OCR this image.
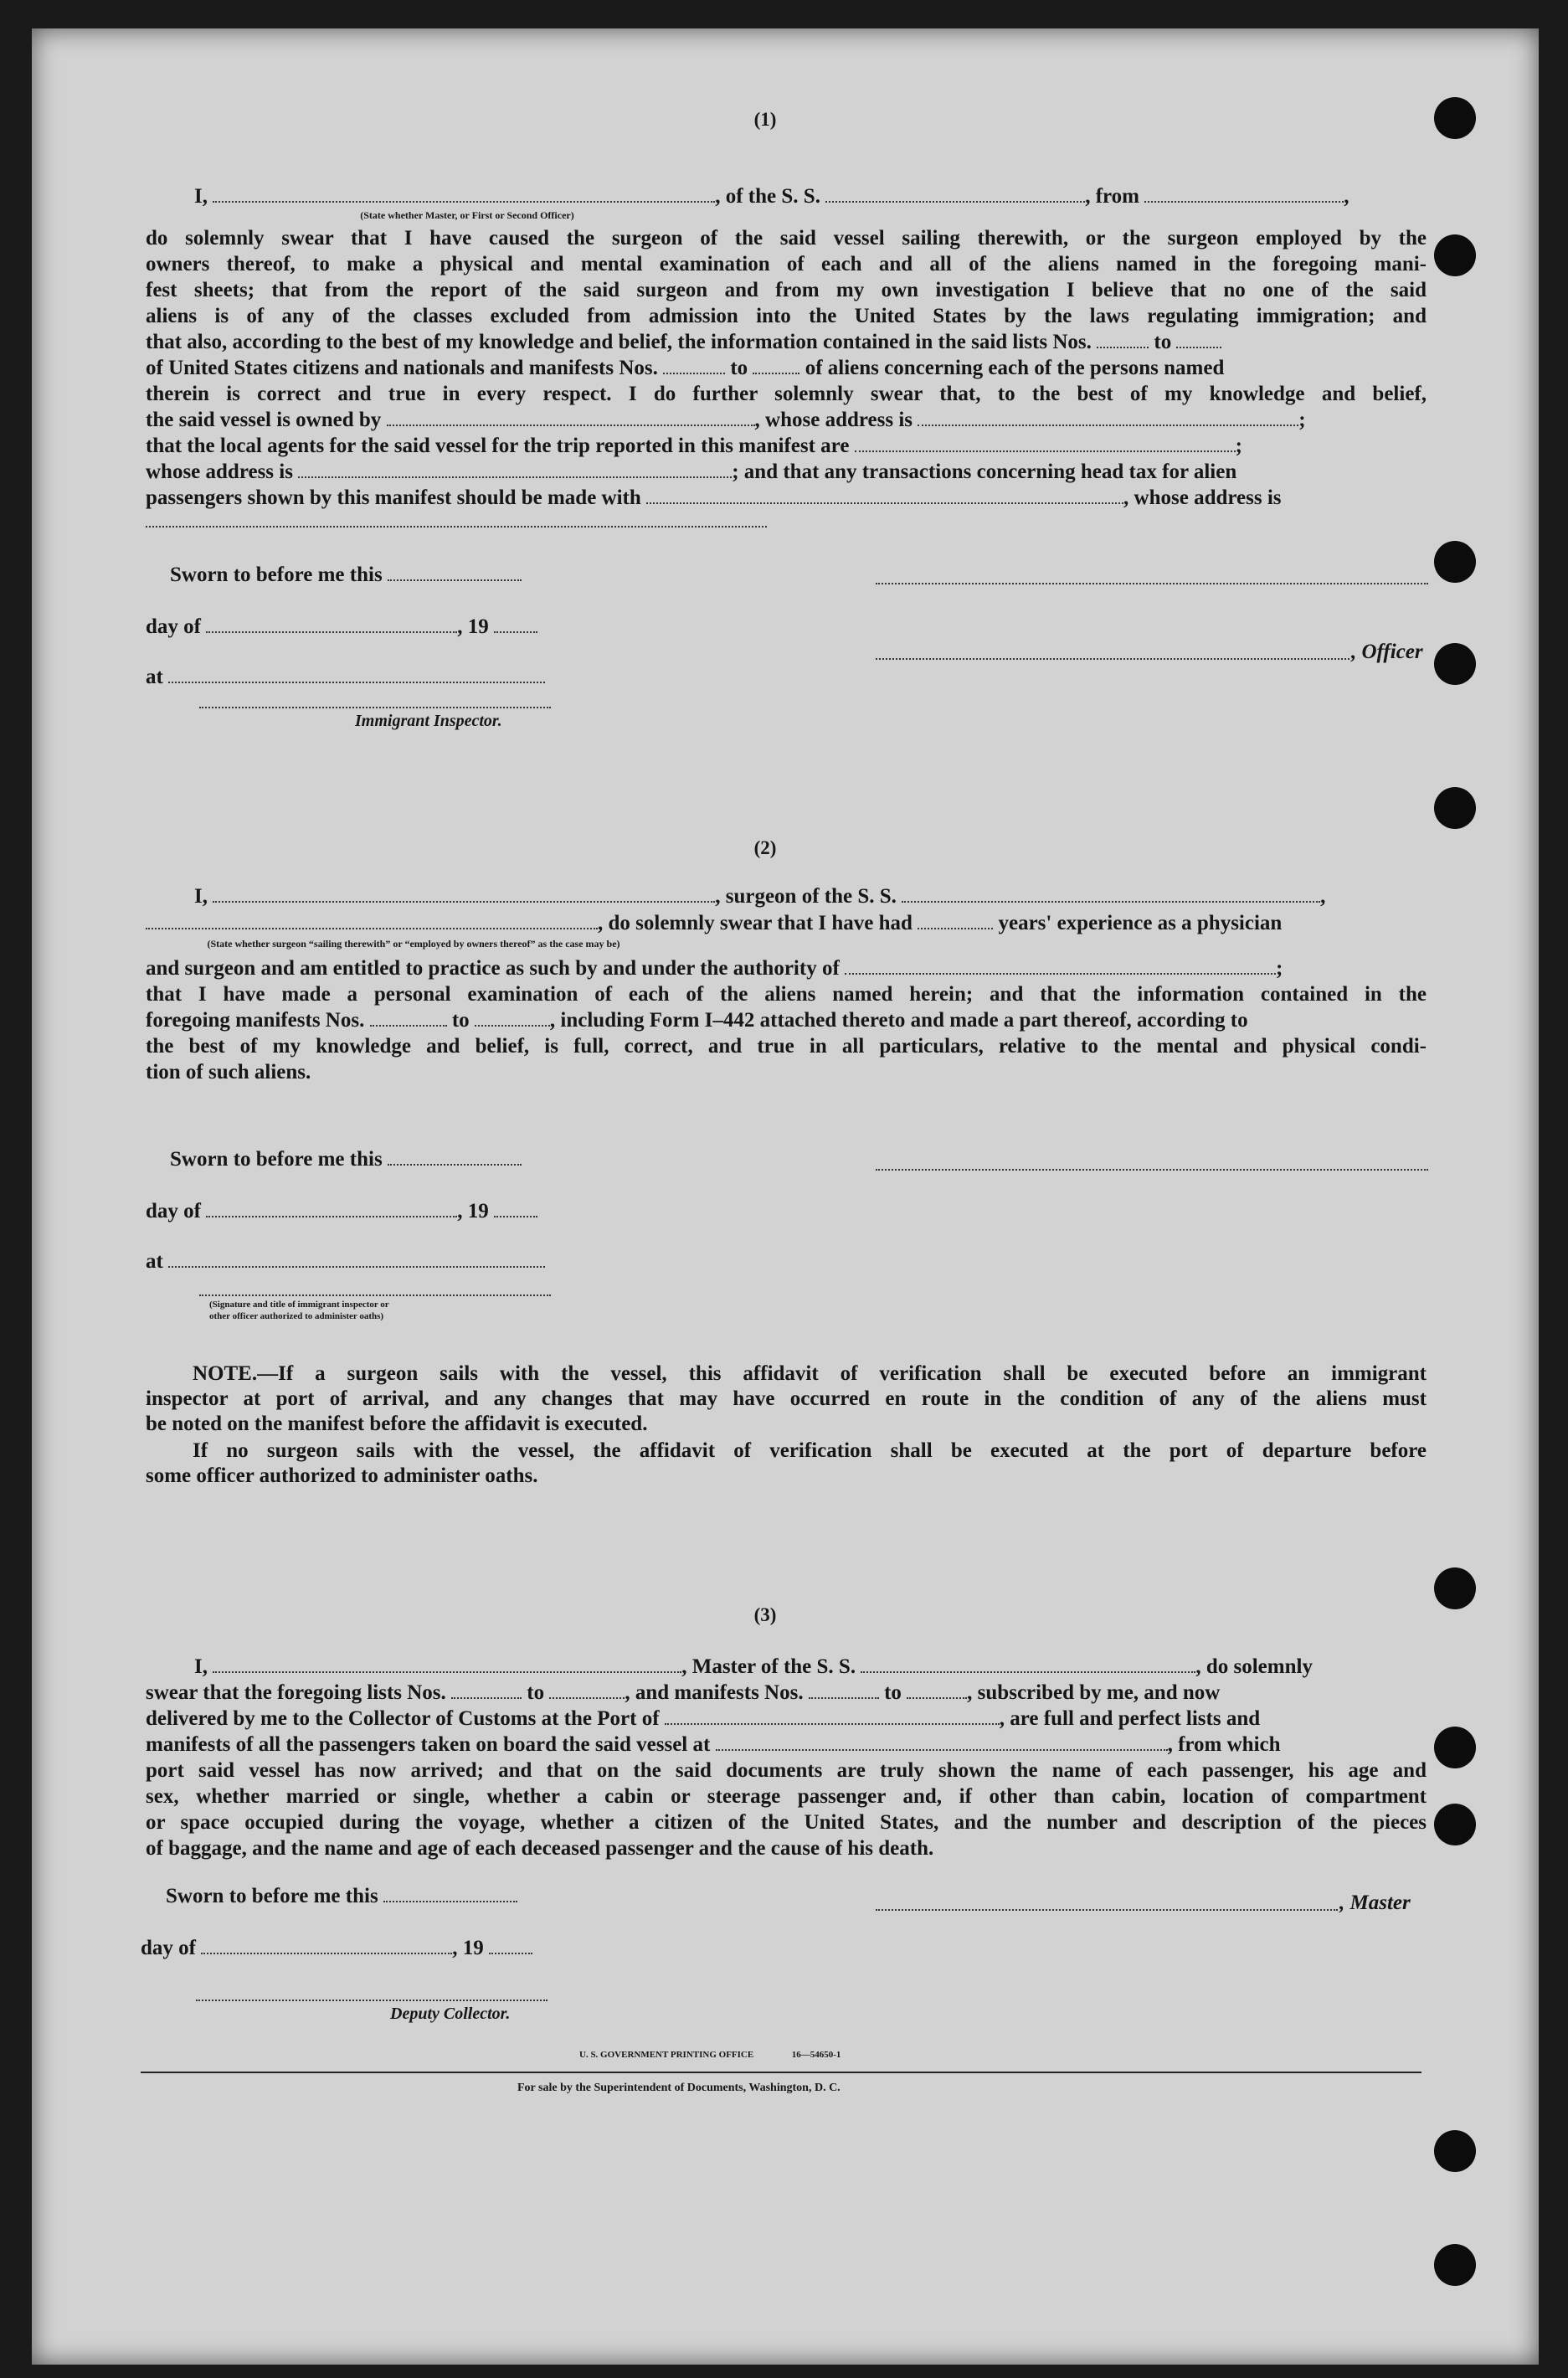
(1)
I,	, of the S. S.	, from	,
(State whether Master, or First or Second Officer)
do solemnly swear that I have caused the surgeon of the said vessel sailing therewith, or the surgeon employed by the
owners thereof, to make a physical and mental examination of each and all of the aliens named in the foregoing mani-
fest sheets; that from the report of the said surgeon and from my own investigation I believe that no one of the said
aliens is of any of the classes excluded from admission into the United States by the laws regulating immigration; and
that also, according to the best of my knowledge and belief, the information contained in the said lists Nos.	to
of United States citizens and nationals and manifests Nos.	to	of aliens concerning each of the persons named
therein is correct and true in every respect. I do further solemnly swear that, to the best of my knowledge and belief,
the said vessel is owned by	, whose address is	;
that the local agents for the said vessel for the trip reported in this manifest are	;
whose address is	; and that any transactions concerning head tax for alien
passengers shown by this manifest should be made with	, whose address is
Sworn to before me this
day of	, 19
, Officer
at
Immigrant Inspector.
(2)
I,	, surgeon of the S. S.	,
, do solemnly swear that I have had	years' experience as a physician
(State whether surgeon “sailing therewith” or “employed by owners thereof” as the case may be)
and surgeon and am entitled to practice as such by and under the authority of	;
that I have made a personal examination of each of the aliens named herein; and that the information contained in the
foregoing manifests Nos.	to	, including Form I–442 attached thereto and made a part thereof, according to
the best of my knowledge and belief, is full, correct, and true in all particulars, relative to the mental and physical condi-
tion of such aliens.
Sworn to before me this
day of	, 19
at
(Signature and title of immigrant inspector or
other officer authorized to administer oaths)
NOTE.—If a surgeon sails with the vessel, this affidavit of verification shall be executed before an immigrant
inspector at port of arrival, and any changes that may have occurred en route in the condition of any of the aliens must
be noted on the manifest before the affidavit is executed.
If no surgeon sails with the vessel, the affidavit of verification shall be executed at the port of departure before
some officer authorized to administer oaths.
(3)
I,	, Master of the S. S.	, do solemnly
swear that the foregoing lists Nos.	to	, and manifests Nos.	to	, subscribed by me, and now
delivered by me to the Collector of Customs at the Port of	, are full and perfect lists and
manifests of all the passengers taken on board the said vessel at	, from which
port said vessel has now arrived; and that on the said documents are truly shown the name of each passenger, his age and
sex, whether married or single, whether a cabin or steerage passenger and, if other than cabin, location of compartment
or space occupied during the voyage, whether a citizen of the United States, and the number and description of the pieces
of baggage, and the name and age of each deceased passenger and the cause of his death.
Sworn to before me this	, Master
day of	, 19
Deputy Collector.
U. S. GOVERNMENT PRINTING OFFICE	16—54650-1
For sale by the Superintendent of Documents, Washington, D. C.
